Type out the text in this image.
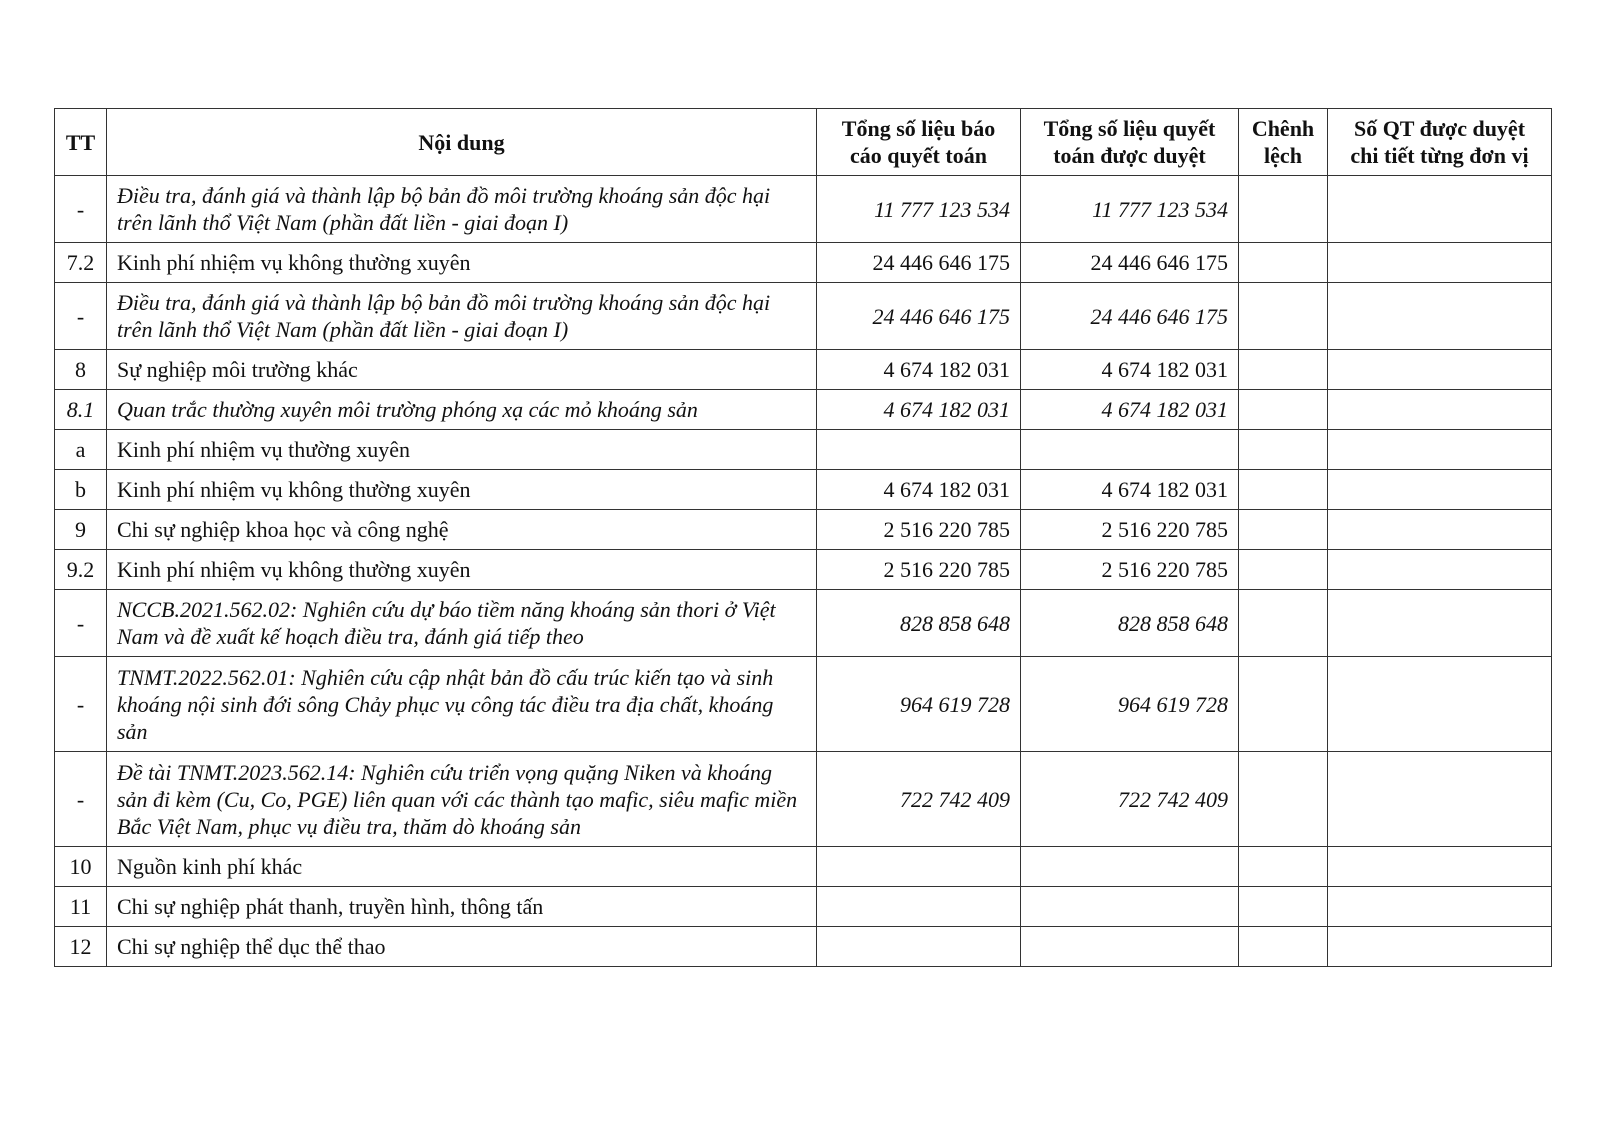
TT	Nội dung	Tổng số liệu báo cáo quyết toán	Tổng số liệu quyết toán được duyệt	Chênh lệch	Số QT được duyệt chi tiết từng đơn vị
-	Điều tra, đánh giá và thành lập bộ bản đồ môi trường khoáng sản độc hại trên lãnh thổ Việt Nam (phần đất liền - giai đoạn I)	11 777 123 534	11 777 123 534		
7.2	Kinh phí nhiệm vụ không thường xuyên	24 446 646 175	24 446 646 175		
-	Điều tra, đánh giá và thành lập bộ bản đồ môi trường khoáng sản độc hại trên lãnh thổ Việt Nam (phần đất liền - giai đoạn I)	24 446 646 175	24 446 646 175		
8	Sự nghiệp môi trường khác	4 674 182 031	4 674 182 031		
8.1	Quan trắc thường xuyên môi trường phóng xạ các mỏ khoáng sản	4 674 182 031	4 674 182 031		
a	Kinh phí nhiệm vụ thường xuyên				
b	Kinh phí nhiệm vụ không thường xuyên	4 674 182 031	4 674 182 031		
9	Chi sự nghiệp khoa học và công nghệ	2 516 220 785	2 516 220 785		
9.2	Kinh phí nhiệm vụ không thường xuyên	2 516 220 785	2 516 220 785		
-	NCCB.2021.562.02: Nghiên cứu dự báo tiềm năng khoáng sản thori ở Việt Nam và đề xuất kế hoạch điều tra, đánh giá tiếp theo	828 858 648	828 858 648		
-	TNMT.2022.562.01: Nghiên cứu cập nhật bản đồ cấu trúc kiến tạo và sinh khoáng nội sinh đới sông Chảy phục vụ công tác điều tra địa chất, khoáng sản	964 619 728	964 619 728		
-	Đề tài TNMT.2023.562.14: Nghiên cứu triển vọng quặng Niken và khoáng sản đi kèm (Cu, Co, PGE) liên quan với các thành tạo mafic, siêu mafic miền Bắc Việt Nam, phục vụ điều tra, thăm dò khoáng sản	722 742 409	722 742 409		
10	Nguồn kinh phí khác				
11	Chi sự nghiệp phát thanh, truyền hình, thông tấn				
12	Chi sự nghiệp thể dục thể thao				
